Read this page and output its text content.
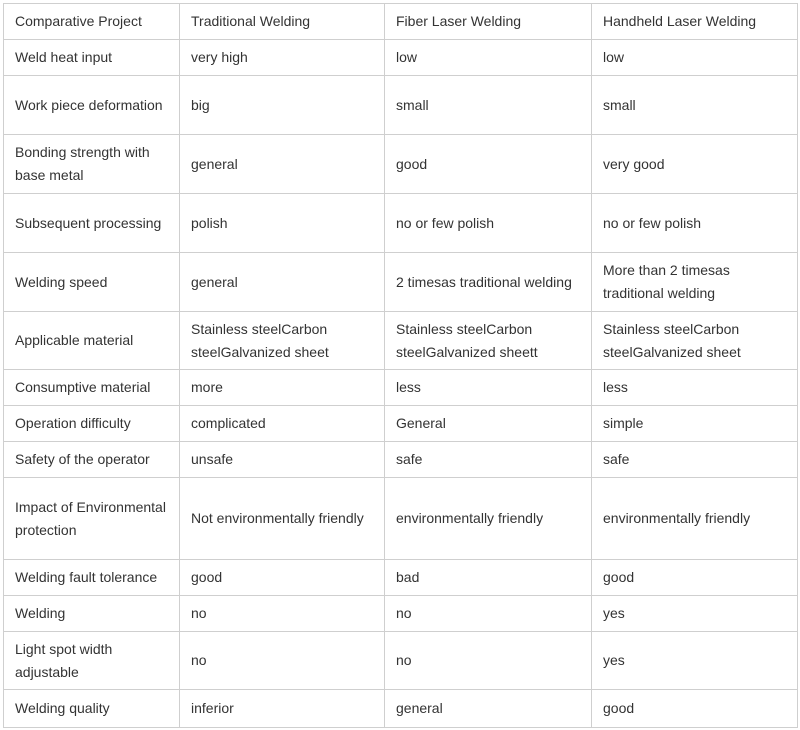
Comparative Project	Traditional Welding	Fiber Laser Welding	Handheld Laser Welding
Weld heat input	very high	low	low
Work piece deformation	big	small	small
Bonding strength with base metal	general	good	very good
Subsequent processing	polish	no or few polish	no or few polish
Welding speed	general	2 timesas traditional welding	More than 2 timesas traditional welding
Applicable material	Stainless steelCarbon steelGalvanized sheet	Stainless steelCarbon steelGalvanized sheett	Stainless steelCarbon steelGalvanized sheet
Consumptive material	more	less	less
Operation difficulty	complicated	General	simple
Safety of the operator	unsafe	safe	safe
Impact of Environmental protection	Not environmentally friendly	environmentally friendly	environmentally friendly
Welding fault tolerance	good	bad	good
Welding	no	no	yes
Light spot width adjustable	no	no	yes
Welding quality	inferior	general	good
